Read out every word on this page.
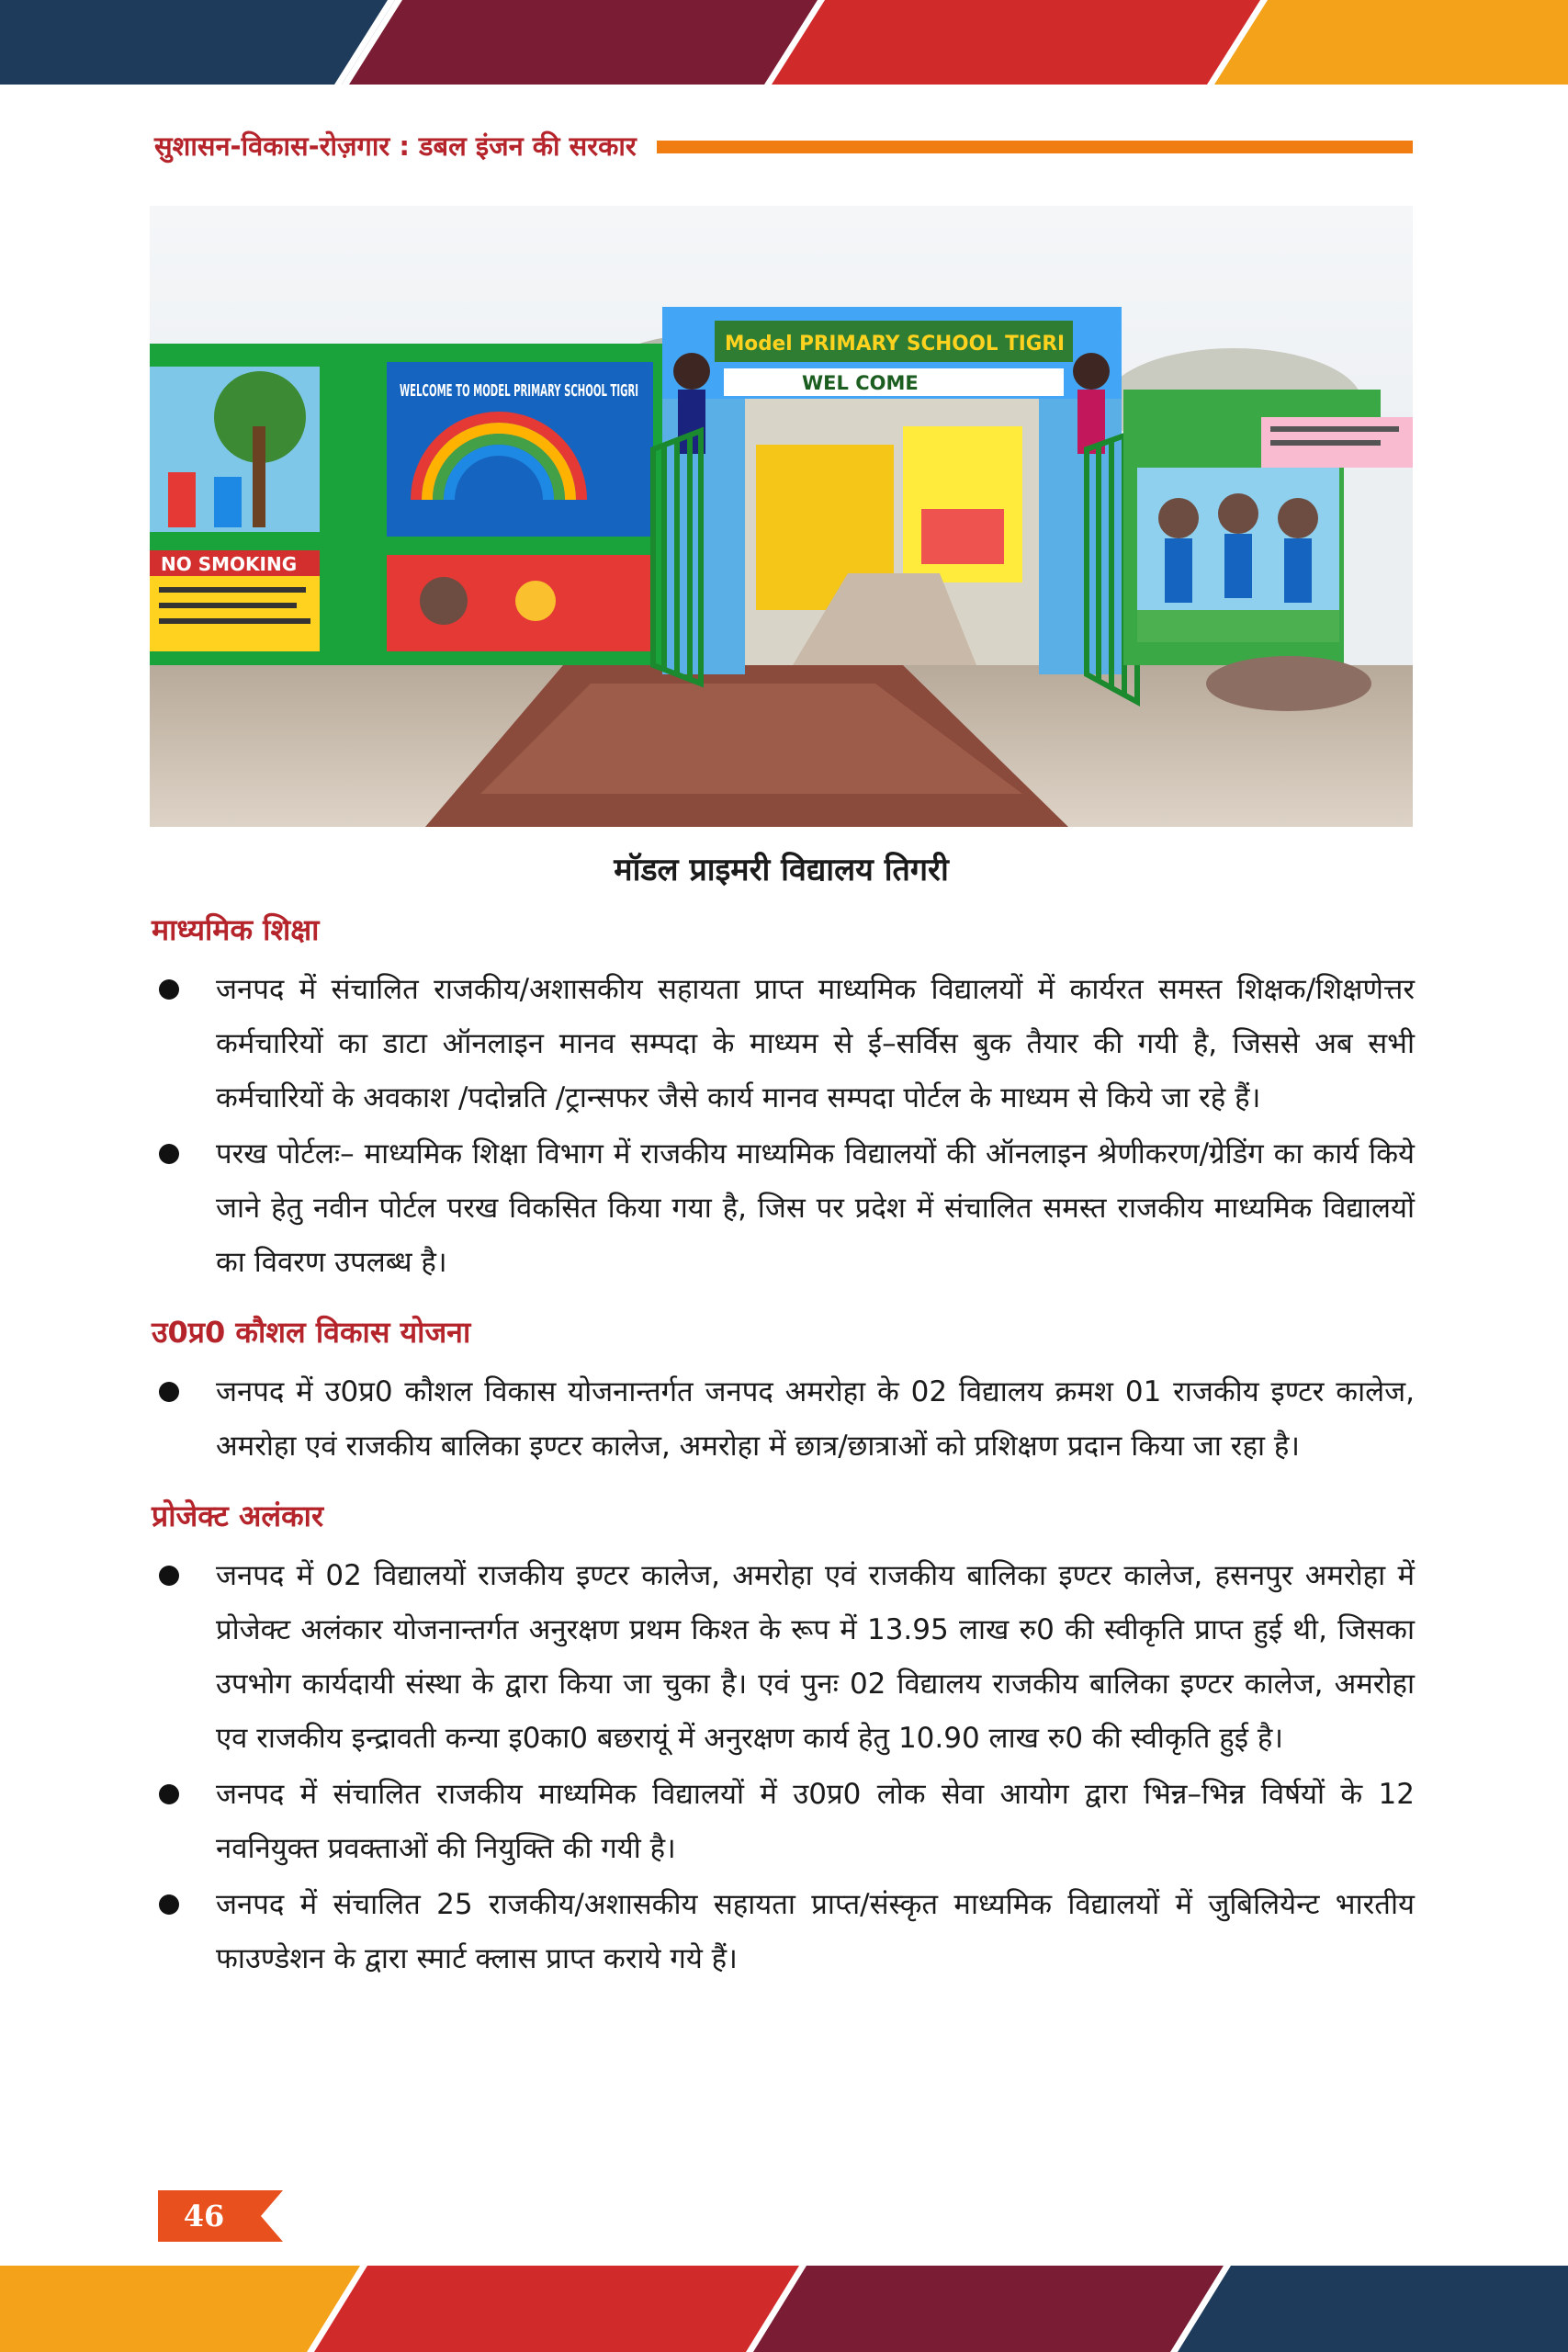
सुशासन-विकास-रोज़गार : डबल इंजन की सरकार
NO SMOKING
WELCOME TO MODEL PRIMARY SCHOOL TIGRI
Model PRIMARY SCHOOL TIGRI
WEL COME
मॉडल प्राइमरी विद्यालय तिगरी
माध्यमिक शिक्षा
जनपद में संचालित राजकीय/अशासकीय सहायता प्राप्त माध्यमिक विद्यालयों में कार्यरत समस्त शिक्षक/शिक्षणेत्तर कर्मचारियों का डाटा ऑनलाइन मानव सम्पदा के माध्यम से ई–सर्विस बुक तैयार की गयी है, जिससे अब सभी कर्मचारियों के अवकाश /पदोन्नति /ट्रान्सफर जैसे कार्य मानव सम्पदा पोर्टल के माध्यम से किये जा रहे हैं।
परख पोर्टलः– माध्यमिक शिक्षा विभाग में राजकीय माध्यमिक विद्यालयों की ऑनलाइन श्रेणीकरण/ग्रेडिंग का कार्य किये जाने हेतु नवीन पोर्टल परख विकसित किया गया है, जिस पर प्रदेश में संचालित समस्त राजकीय माध्यमिक विद्यालयों का विवरण उपलब्ध है।
उ0प्र0 कौशल विकास योजना
जनपद में उ0प्र0 कौशल विकास योजनान्तर्गत जनपद अमरोहा के 02 विद्यालय क्रमश 01 राजकीय इण्टर कालेज, अमरोहा एवं राजकीय बालिका इण्टर कालेज, अमरोहा में छात्र/छात्राओं को प्रशिक्षण प्रदान किया जा रहा है।
प्रोजेक्ट अलंकार
जनपद में 02 विद्यालयों राजकीय इण्टर कालेज, अमरोहा एवं राजकीय बालिका इण्टर कालेज, हसनपुर अमरोहा में प्रोजेक्ट अलंकार योजनान्तर्गत अनुरक्षण प्रथम किश्त के रूप में 13.95 लाख रु0 की स्वीकृति प्राप्त हुई थी, जिसका उपभोग कार्यदायी संस्था के द्वारा किया जा चुका है। एवं पुनः 02 विद्यालय राजकीय बालिका इण्टर कालेज, अमरोहा एव राजकीय इन्द्रावती कन्या इ0का0 बछरायूं में अनुरक्षण कार्य हेतु 10.90 लाख रु0 की स्वीकृति हुई है।
जनपद में संचालित राजकीय माध्यमिक विद्यालयों में उ0प्र0 लोक सेवा आयोग द्वारा भिन्न–भिन्न विर्षयों के 12 नवनियुक्त प्रवक्ताओं की नियुक्ति की गयी है।
जनपद में संचालित 25 राजकीय/अशासकीय सहायता प्राप्त/संस्कृत माध्यमिक विद्यालयों में जुबिलियेन्ट भारतीय फाउण्डेशन के द्वारा स्मार्ट क्लास प्राप्त कराये गये हैं।
46
